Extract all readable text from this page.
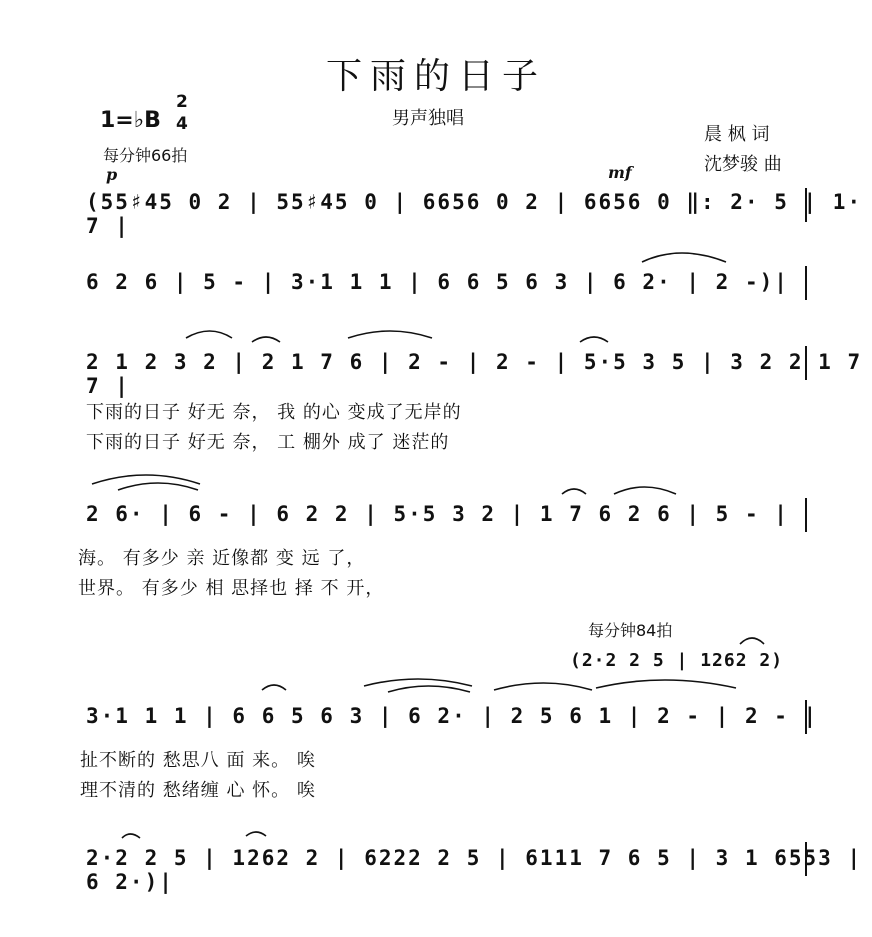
下雨的日子
男声独唱
1=♭B
2
4
每分钟66拍
晨 枫 词
沈梦骏 曲
p	mf
(55♯45 0 2 | 55♯45 0 | 6656 0 2 | 6656 0 ‖: 2· 5 | 1· 7 |
6 2 6 | 5 - | 3·1 1 1 | 6 6 5 6 3 | 6 2· | 2 -)|
2 1 2 3 2 | 2 1 7 6 | 2 - | 2 - | 5·5 3 5 | 3 2 2 1 7 7 |
下雨的日子 好无 奈， 我 的心 变成了无岸的
下雨的日子 好无 奈， 工 棚外 成了 迷茫的
2 6· | 6 - | 6 2 2 | 5·5 3 2 | 1 7 6 2 6 | 5 - |
海。 有多少 亲 近像都 变 远 了，
世界。 有多少 相 思择也 择 不 开，
每分钟84拍
(2·2 2 5 | 1262 2)
3·1 1 1 | 6 6 5 6 3 | 6 2· | 2 5 6 1 | 2 - | 2 - |
扯不断的 愁思八 面 来。 唉
理不清的 愁绪缠 心 怀。 唉
2·2 2 5 | 1262 2 | 6222 2 5 | 6111 7 6 5 | 3 1 6553 | 6 2·)|
